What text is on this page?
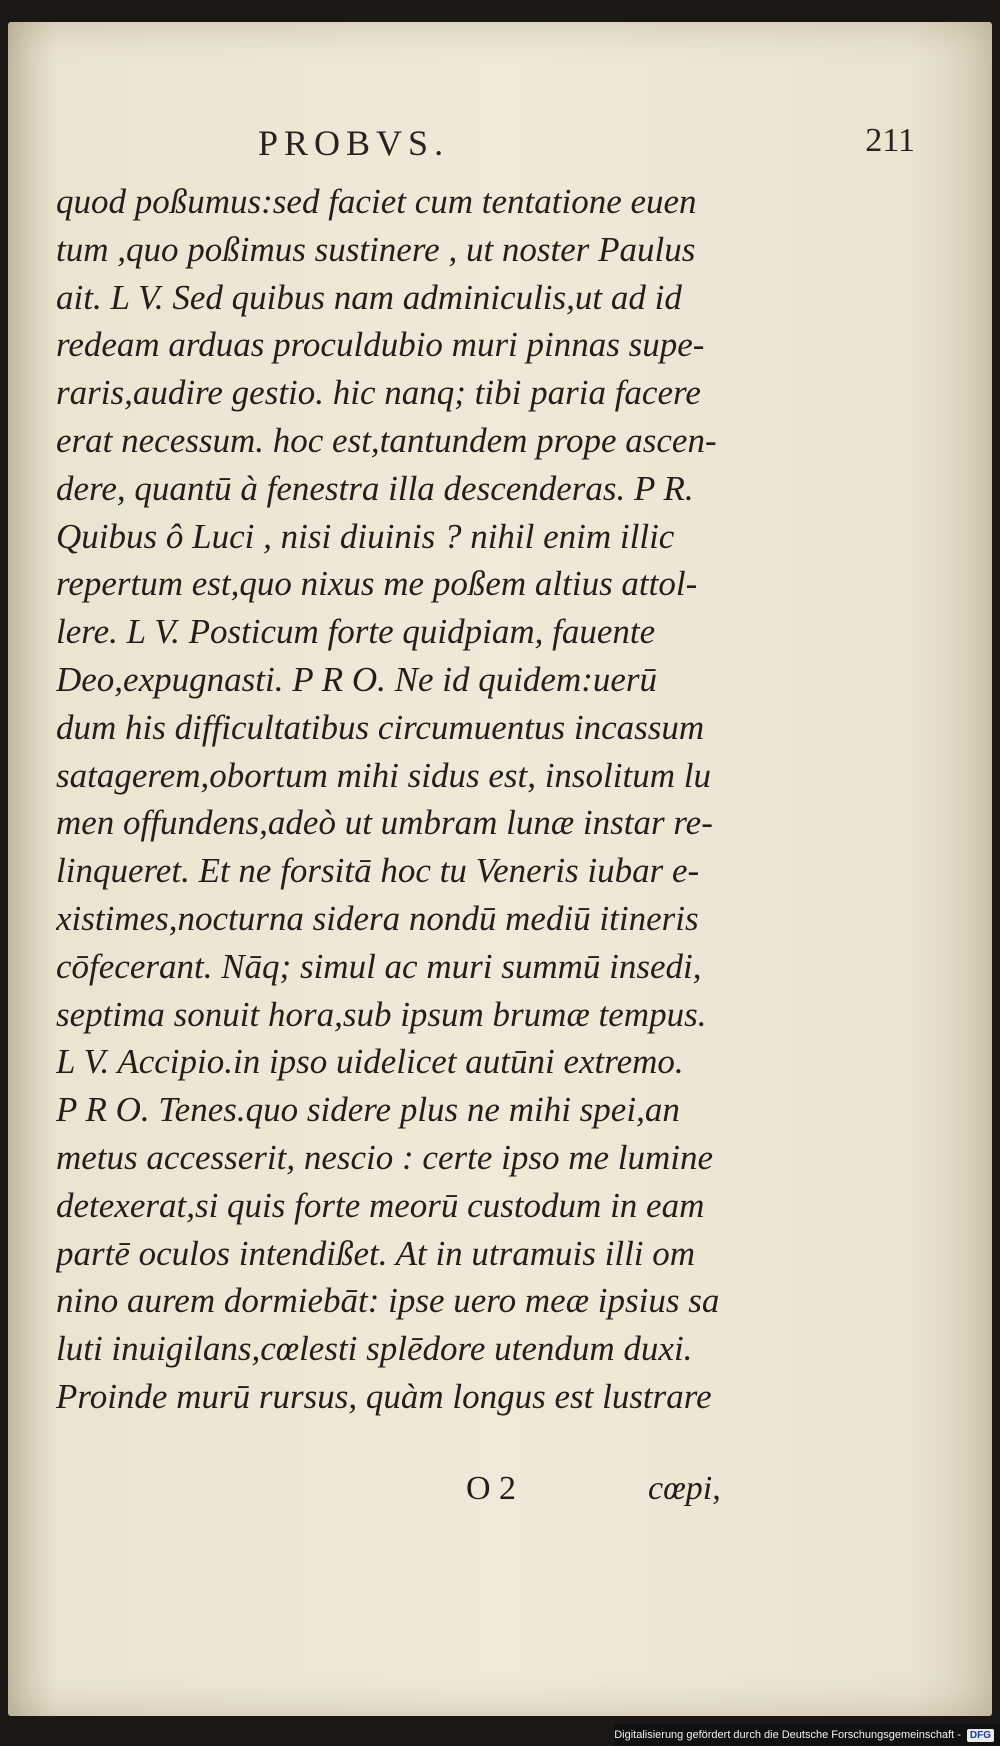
PROBVS.	211
quod poßumus:sed faciet cum tentatione euen
tum ,quo poßimus sustinere , ut noster Paulus
ait. L V. Sed quibus nam adminiculis,ut ad id
redeam arduas proculdubio muri pinnas supe-
raris,audire gestio. hic nanq; tibi paria facere
erat necessum. hoc est,tantundem prope ascen-
dere, quantū à fenestra illa descenderas. P R.
Quibus ô Luci , nisi diuinis ? nihil enim illic
repertum est,quo nixus me poßem altius attol-
lere. L V. Posticum forte quidpiam, fauente
Deo,expugnasti. P R O. Ne id quidem:uerū
dum his difficultatibus circumuentus incassum
satagerem,obortum mihi sidus est, insolitum lu
men offundens,adeò ut umbram lunæ instar re-
linqueret. Et ne forsitā hoc tu Veneris iubar e-
xistimes,nocturna sidera nondū mediū itineris
cōfecerant. Nāq; simul ac muri summū insedi,
septima sonuit hora,sub ipsum brumæ tempus.
L V. Accipio.in ipso uidelicet autūni extremo.
P R O. Tenes.quo sidere plus ne mihi spei,an
metus accesserit, nescio : certe ipso me lumine
detexerat,si quis forte meorū custodum in eam
partē oculos intendißet. At in utramuis illi om
nino aurem dormiebāt: ipse uero meæ ipsius sa
luti inuigilans,cœlesti splēdore utendum duxi.
Proinde murū rursus, quàm longus est lustrare
O 2	cœpi,
Digitalisierung gefördert durch die Deutsche Forschungsgemeinschaft - DFG
